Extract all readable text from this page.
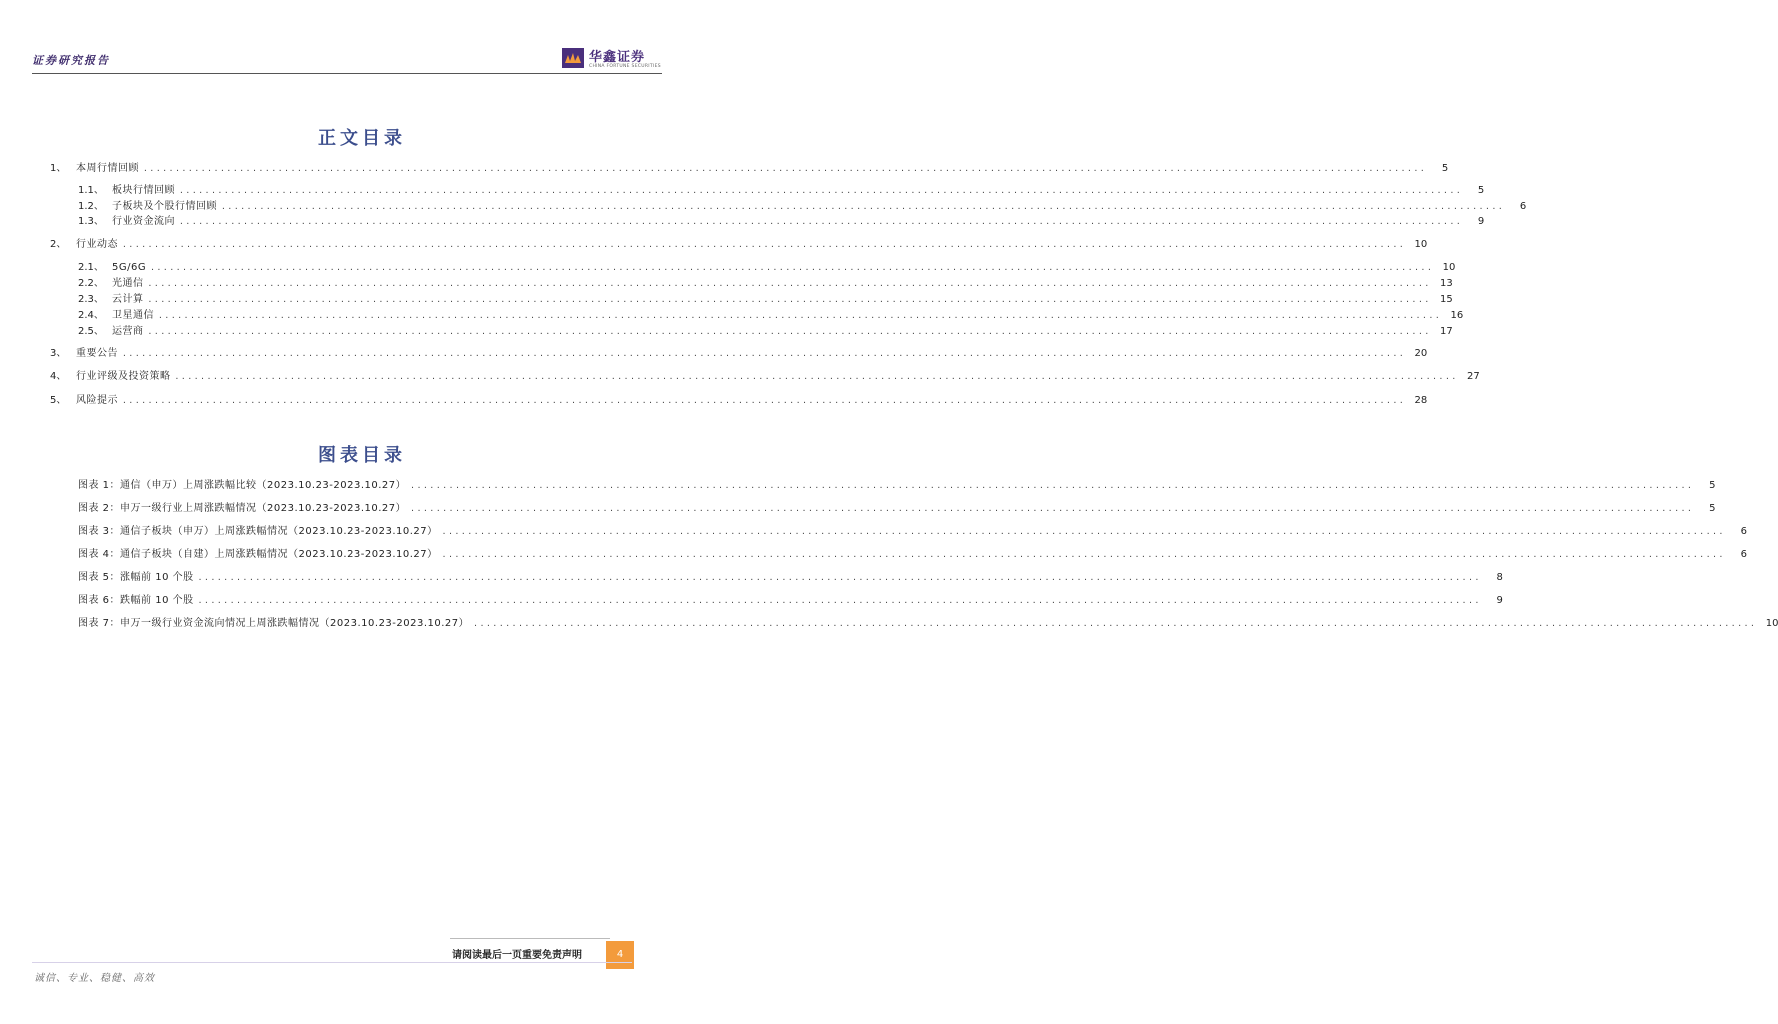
证券研究报告	华鑫证券
CHINA FORTUNE SECURITIES
正文目录
1、 本周行情回顾 ........................................................................................................................................................................................................	5
1.1、 板块行情回顾 ........................................................................................................................................................................................................	5
1.2、 子板块及个股行情回顾 ........................................................................................................................................................................................................	6
1.3、 行业资金流向 ........................................................................................................................................................................................................	9
2、 行业动态 ........................................................................................................................................................................................................ 10
2.1、 5G/6G ........................................................................................................................................................................................................ 10
2.2、 光通信 ........................................................................................................................................................................................................ 13
2.3、 云计算 ........................................................................................................................................................................................................ 15
2.4、 卫星通信 ........................................................................................................................................................................................................ 16
2.5、 运营商 ........................................................................................................................................................................................................ 17
3、 重要公告 ........................................................................................................................................................................................................ 20
4、 行业评级及投资策略 ........................................................................................................................................................................................................ 27
5、 风险提示 ........................................................................................................................................................................................................ 28
图表目录
图表 1：通信（申万）上周涨跌幅比较（2023.10.23-2023.10.27） ........................................................................................................................................................................................................	5
图表 2：申万一级行业上周涨跌幅情况（2023.10.23-2023.10.27） ........................................................................................................................................................................................................	5
图表 3：通信子板块（申万）上周涨跌幅情况（2023.10.23-2023.10.27） ........................................................................................................................................................................................................	6
图表 4：通信子板块（自建）上周涨跌幅情况（2023.10.23-2023.10.27） ........................................................................................................................................................................................................	6
图表 5：涨幅前 10 个股 ........................................................................................................................................................................................................	8
图表 6：跌幅前 10 个股 ........................................................................................................................................................................................................	9
图表 7：申万一级行业资金流向情况上周涨跌幅情况（2023.10.23-2023.10.27） ........................................................................................................................................................................................................ 10
请阅读最后一页重要免责声明	4
诚信、专业、稳健、高效
